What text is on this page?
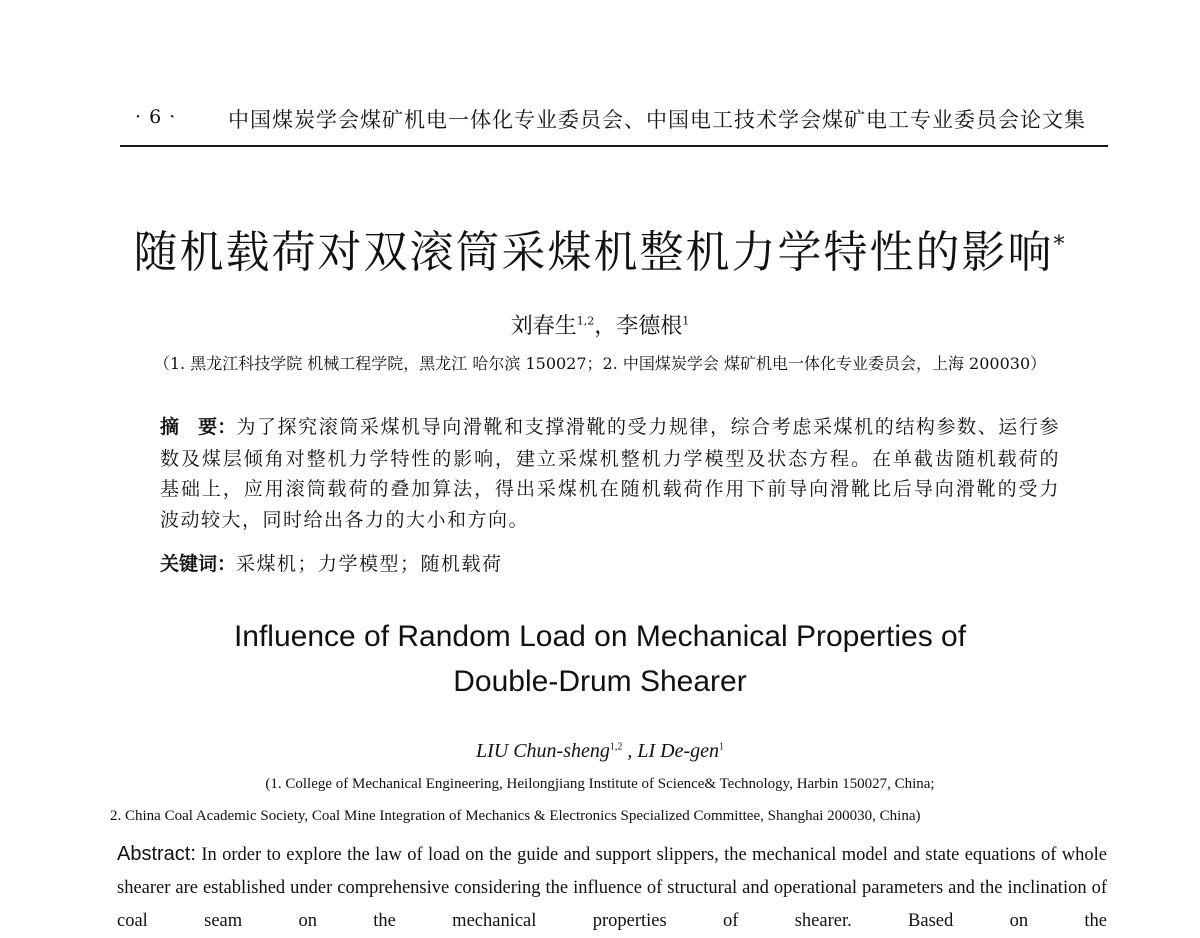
· 6 · 中国煤炭学会煤矿机电一体化专业委员会、中国电工技术学会煤矿电工专业委员会论文集
随机载荷对双滚筒采煤机整机力学特性的影响*
刘春生$^{1,2}$，李德根$^1$
（1. 黑龙江科技学院 机械工程学院，黑龙江 哈尔滨 150027；2. 中国煤炭学会 煤矿机电一体化专业委员会，上海 200030）
摘　要：为了探究滚筒采煤机导向滑靴和支撑滑靴的受力规律，综合考虑采煤机的结构参数、运行参数及煤层倾角对整机力学特性的影响，建立采煤机整机力学模型及状态方程。在单截齿随机载荷的基础上，应用滚筒载荷的叠加算法，得出采煤机在随机载荷作用下前导向滑靴比后导向滑靴的受力波动较大，同时给出各力的大小和方向。
关键词：采煤机；力学模型；随机载荷
Influence of Random Load on Mechanical Properties of
Double-Drum Shearer
LIU Chun-sheng$^{1,2}$ , LI De-gen$^1$
(1. College of Mechanical Engineering, Heilongjiang Institute of Science& Technology, Harbin 150027, China;
2. China Coal Academic Society, Coal Mine Integration of Mechanics & Electronics Specialized Committee, Shanghai 200030, China)
Abstract: In order to explore the law of load on the guide and support slippers, the mechanical model and state equations of whole shearer are established under comprehensive considering the influence of structural and operational parameters and the inclination of coal seam on the mechanical properties of shearer. Based on the
